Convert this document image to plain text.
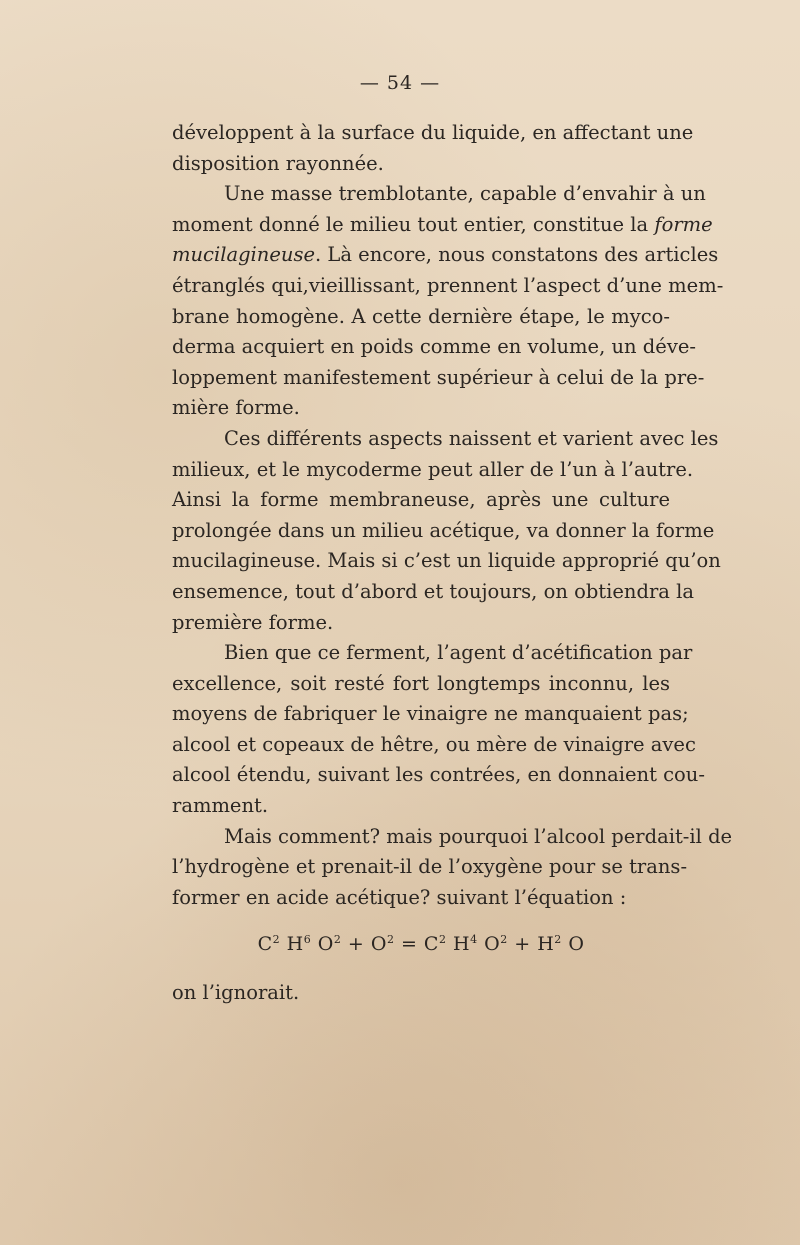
— 54 —
développent à la surface du liquide, en affectant une
disposition rayonnée.
Une masse tremblotante, capable d’envahir à un
moment donné le milieu tout entier, constitue la forme
mucilagineuse. Là encore, nous constatons des articles
étranglés qui,vieillissant, prennent l’aspect d’une mem-
brane homogène. A cette dernière étape, le myco-
derma acquiert en poids comme en volume, un déve-
loppement manifestement supérieur à celui de la pre-
mière forme.
Ces différents aspects naissent et varient avec les
milieux, et le mycoderme peut aller de l’un à l’autre.
Ainsi la forme membraneuse, après une culture
prolongée dans un milieu acétique, va donner la forme
mucilagineuse. Mais si c’est un liquide approprié qu’on
ensemence, tout d’abord et toujours, on obtiendra la
première forme.
Bien que ce ferment, l’agent d’acétification par
excellence, soit resté fort longtemps inconnu, les
moyens de fabriquer le vinaigre ne manquaient pas;
alcool et copeaux de hêtre, ou mère de vinaigre avec
alcool étendu, suivant les contrées, en donnaient cou-
ramment.
Mais comment? mais pourquoi l’alcool perdait-il de
l’hydrogène et prenait-il de l’oxygène pour se trans-
former en acide acétique? suivant l’équation :
$C^2$ $H^6$ $O^2 + O^2 = C^2$ $H^4$ $O^2 + H^2$ O
on l’ignorait.
